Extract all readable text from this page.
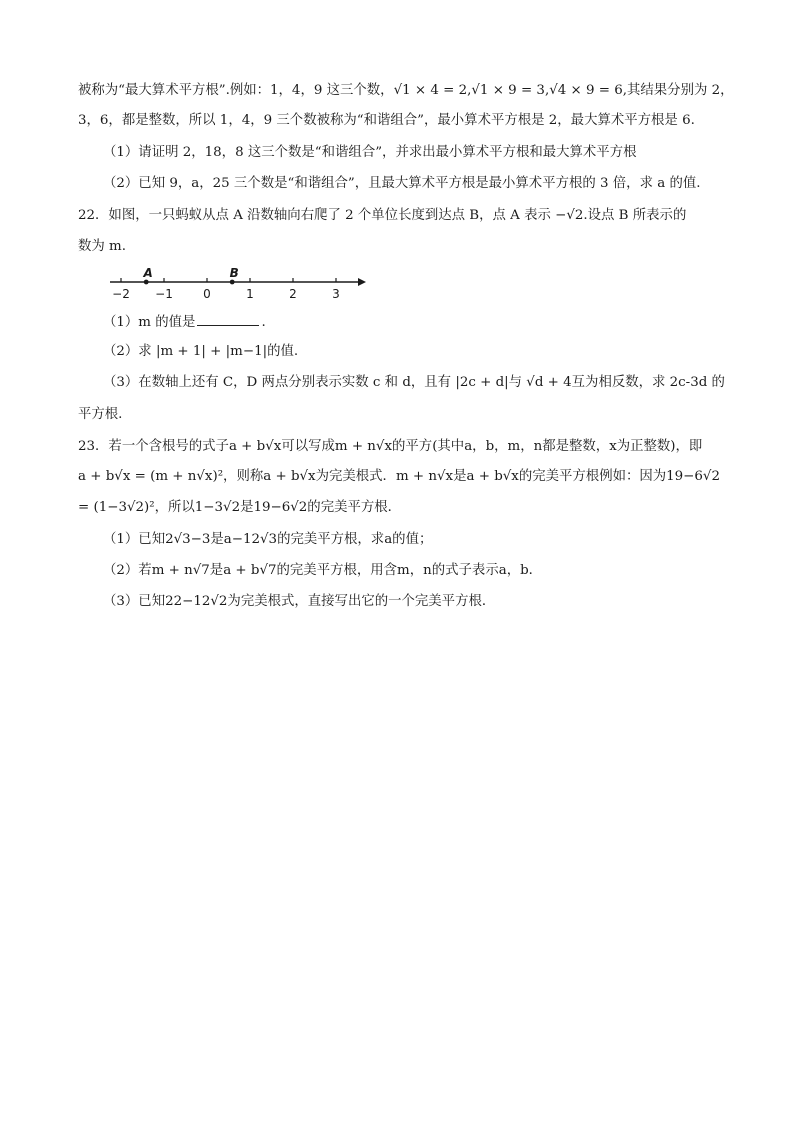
被称为“最大算术平方根”.例如：1，4，9 这三个数，√1 × 4 = 2,√1 × 9 = 3,√4 × 9 = 6,其结果分别为 2，
3，6，都是整数，所以 1，4，9 三个数被称为“和谐组合”，最小算术平方根是 2，最大算术平方根是 6.
（1）请证明 2，18，8 这三个数是“和谐组合”，并求出最小算术平方根和最大算术平方根
（2）已知 9，a，25 三个数是“和谐组合”，且最大算术平方根是最小算术平方根的 3 倍，求 a 的值.
22．如图，一只蚂蚁从点 A 沿数轴向右爬了 2 个单位长度到达点 B，点 A 表示 −√2.设点 B 所表示的
数为 m.
−2 −1	0	1	2	3
A	B
（1）m 的值是	.
（2）求 |m + 1| + |m−1|的值.
（3）在数轴上还有 C，D 两点分别表示实数 c 和 d，且有 |2c + d|与 √d + 4互为相反数，求 2c-3d 的
平方根.
23．若一个含根号的式子a + b√x可以写成m + n√x的平方(其中a，b，m，n都是整数，x为正整数)，即
a + b√x = (m + n√x)²，则称a + b√x为完美根式．m + n√x是a + b√x的完美平方根例如：因为19−6√2
= (1−3√2)²，所以1−3√2是19−6√2的完美平方根．
（1）已知2√3−3是a−12√3的完美平方根，求a的值；
（2）若m + n√7是a + b√7的完美平方根，用含m，n的式子表示a，b．
（3）已知22−12√2为完美根式，直接写出它的一个完美平方根．
